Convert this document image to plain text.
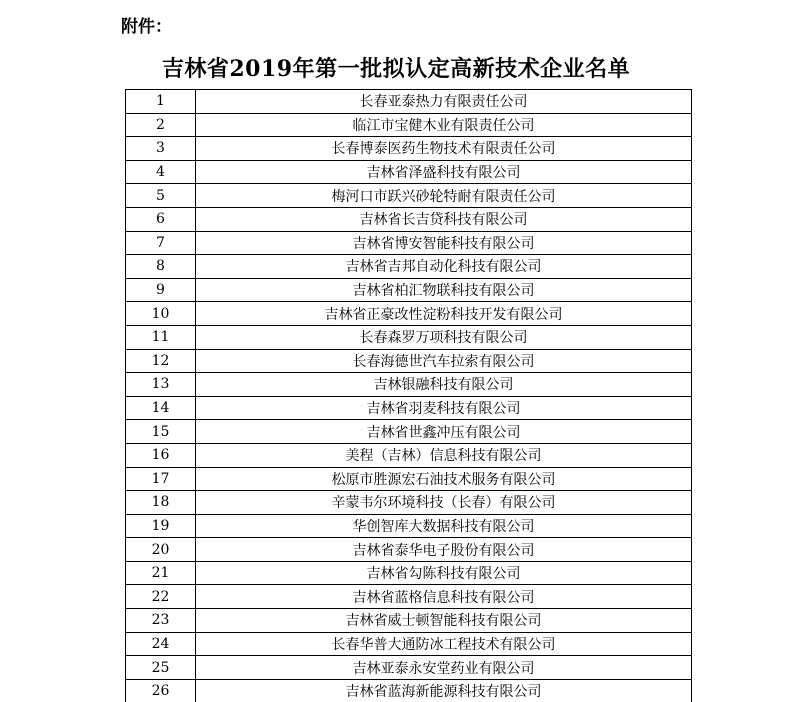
附件：
吉林省2019年第一批拟认定高新技术企业名单
1	长春亚泰热力有限责任公司
2	临江市宝健木业有限责任公司
3	长春博泰医药生物技术有限责任公司
4	吉林省泽盛科技有限公司
5	梅河口市跃兴砂轮特耐有限责任公司
6	吉林省长吉贷科技有限公司
7	吉林省博安智能科技有限公司
8	吉林省吉邦自动化科技有限公司
9	吉林省柏汇物联科技有限公司
10	吉林省正豪改性淀粉科技开发有限公司
11	长春森罗万项科技有限公司
12	长春海德世汽车拉索有限公司
13	吉林银融科技有限公司
14	吉林省羽麦科技有限公司
15	吉林省世鑫冲压有限公司
16	美程（吉林）信息科技有限公司
17	松原市胜源宏石油技术服务有限公司
18	辛蒙韦尔环境科技（长春）有限公司
19	华创智库大数据科技有限公司
20	吉林省泰华电子股份有限公司
21	吉林省勾陈科技有限公司
22	吉林省蓝格信息科技有限公司
23	吉林省威士顿智能科技有限公司
24	长春华普大通防冰工程技术有限公司
25	吉林亚泰永安堂药业有限公司
26	吉林省蓝海新能源科技有限公司
